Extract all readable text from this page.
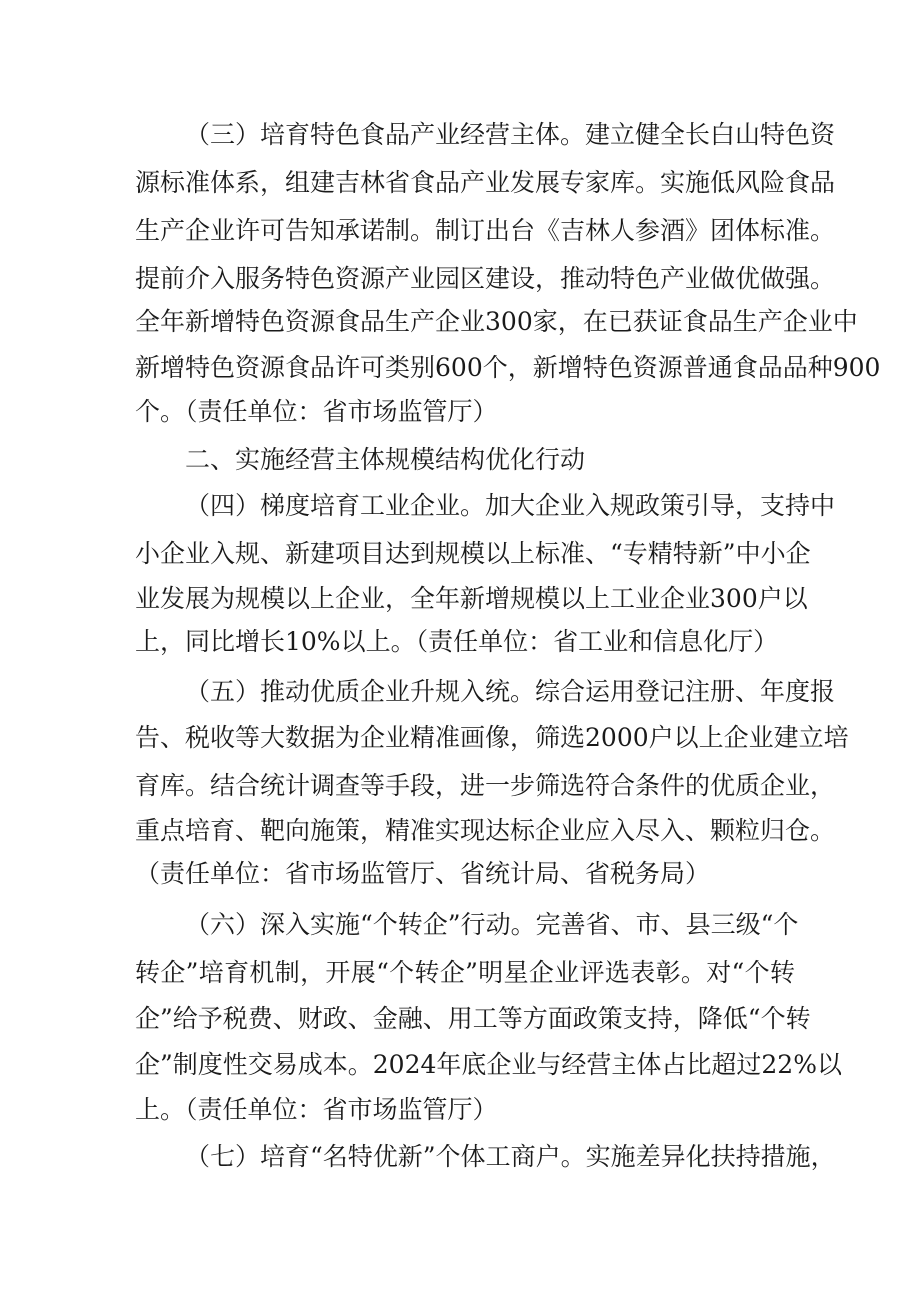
（三）培育特色食品产业经营主体。建立健全长白山特色资
源标准体系，组建吉林省食品产业发展专家库。实施低风险食品
生产企业许可告知承诺制。制订出台《吉林人参酒》团体标准。
提前介入服务特色资源产业园区建设，推动特色产业做优做强。
全年新增特色资源食品生产企业300家，在已获证食品生产企业中
新增特色资源食品许可类别600个，新增特色资源普通食品品种900
个。（责任单位：省市场监管厅）
二、实施经营主体规模结构优化行动
（四）梯度培育工业企业。加大企业入规政策引导，支持中
小企业入规、新建项目达到规模以上标准、“专精特新”中小企
业发展为规模以上企业，全年新增规模以上工业企业300户以
上，同比增长10%以上。（责任单位：省工业和信息化厅）
（五）推动优质企业升规入统。综合运用登记注册、年度报
告、税收等大数据为企业精准画像，筛选2000户以上企业建立培
育库。结合统计调查等手段，进一步筛选符合条件的优质企业，
重点培育、靶向施策，精准实现达标企业应入尽入、颗粒归仓。
（责任单位：省市场监管厅、省统计局、省税务局）
（六）深入实施“个转企”行动。完善省、市、县三级“个
转企”培育机制，开展“个转企”明星企业评选表彰。对“个转
企”给予税费、财政、金融、用工等方面政策支持，降低“个转
企”制度性交易成本。2024年底企业与经营主体占比超过22%以
上。（责任单位：省市场监管厅）
（七）培育“名特优新”个体工商户。实施差异化扶持措施，
